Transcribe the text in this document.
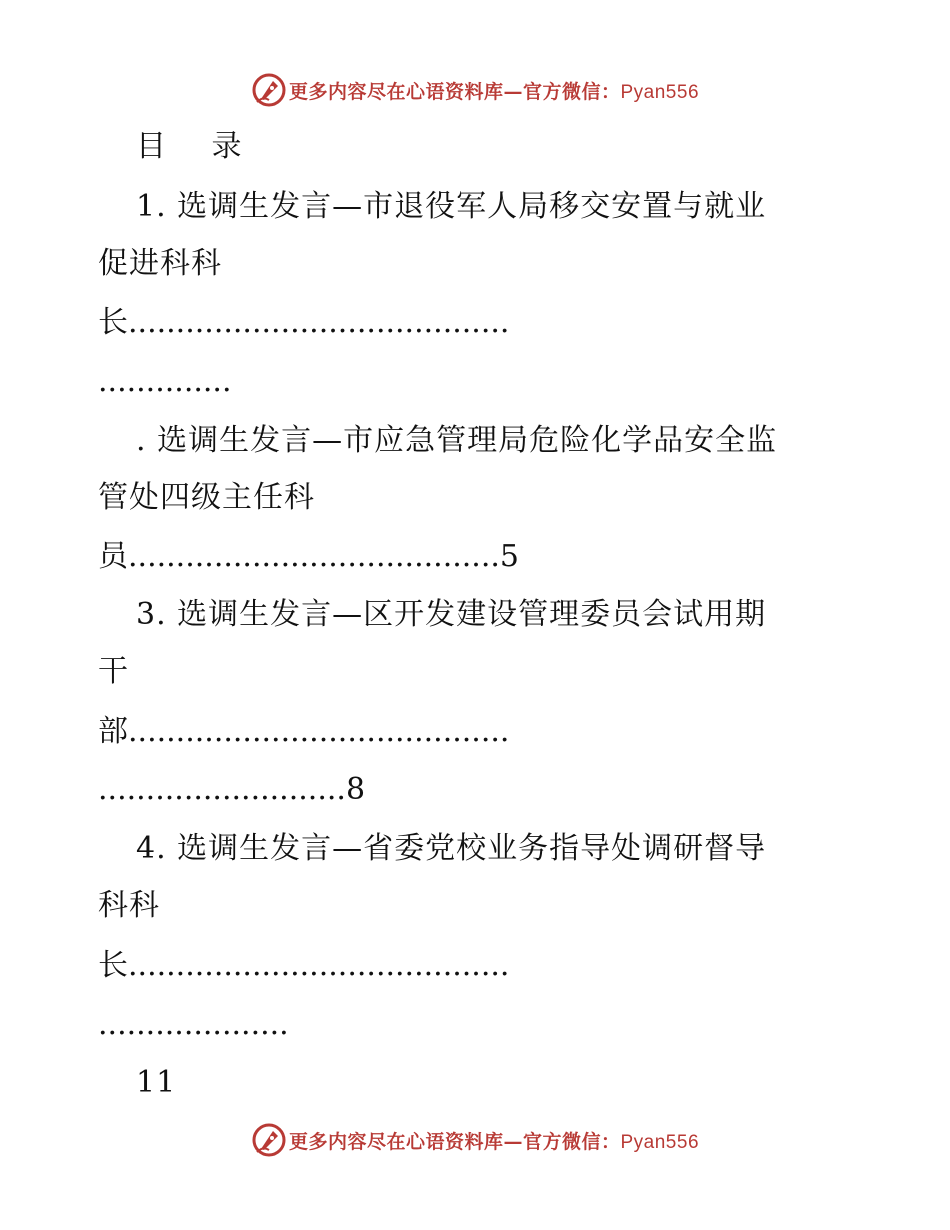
更多内容尽在心语资料库—官方微信：Pyan556
目 录
1. 选调生发言—市退役军人局移交安置与就业
促进科科
长........................................
..............
. 选调生发言—市应急管理局危险化学品安全监
管处四级主任科
员.......................................5
3. 选调生发言—区开发建设管理委员会试用期
干
部........................................
..........................8
4. 选调生发言—省委党校业务指导处调研督导
科科
长........................................
....................
11
更多内容尽在心语资料库—官方微信：Pyan556
